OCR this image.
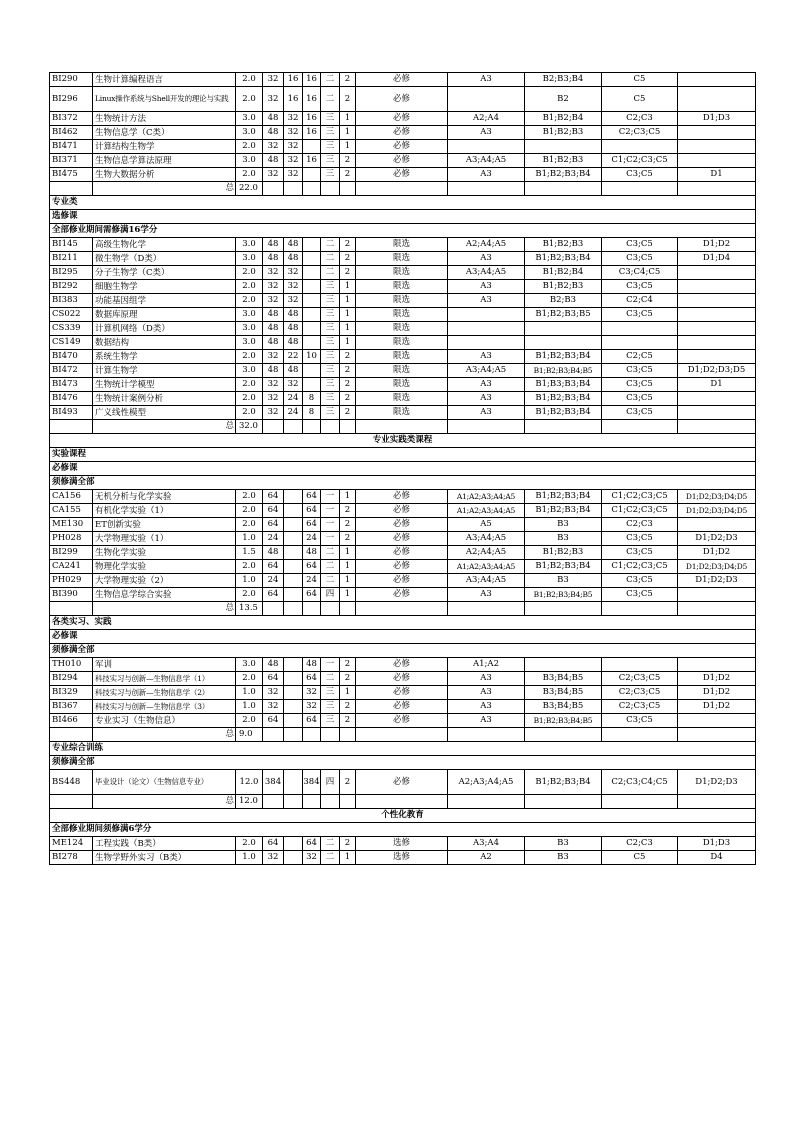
BI290	生物计算编程语言	2.0	32	16	16	二	2	必修	A3	B2;B3;B4	C5	
BI296	Linux操作系统与Shell开发的理论与实践	2.0	32	16	16	二	2	必修		B2	C5	
BI372	生物统计方法	3.0	48	32	16	三	1	必修	A2;A4	B1;B2;B4	C2;C3	D1;D3
BI462	生物信息学（C类）	3.0	48	32	16	三	1	必修	A3	B1;B2;B3	C2;C3;C5	
BI471	计算结构生物学	2.0	32	32		三	1	必修				
BI371	生物信息学算法原理	3.0	48	32	16	三	2	必修	A3;A4;A5	B1;B2;B3	C1;C2;C3;C5	
BI475	生物大数据分析	2.0	32	32		三	2	必修	A3	B1;B2;B3;B4	C3;C5	D1
	总	22.0										
专业类												
选修课												
全部修业期间需修满16学分												
BI145	高级生物化学	3.0	48	48		二	2	限选	A2;A4;A5	B1;B2;B3	C3;C5	D1;D2
BI211	微生物学（D类）	3.0	48	48		二	2	限选	A3	B1;B2;B3;B4	C3;C5	D1;D4
BI295	分子生物学（C类）	2.0	32	32		二	2	限选	A3;A4;A5	B1;B2;B4	C3;C4;C5	
BI292	细胞生物学	2.0	32	32		三	1	限选	A3	B1;B2;B3	C3;C5	
BI383	功能基因组学	2.0	32	32		三	1	限选	A3	B2;B3	C2;C4	
CS022	数据库原理	3.0	48	48		三	1	限选		B1;B2;B3;B5	C3;C5	
CS339	计算机网络（D类）	3.0	48	48		三	1	限选				
CS149	数据结构	3.0	48	48		三	1	限选				
BI470	系统生物学	2.0	32	22	10	三	2	限选	A3	B1;B2;B3;B4	C2;C5	
BI472	计算生物学	3.0	48	48		三	2	限选	A3;A4;A5	B1;B2;B3;B4;B5	C3;C5	D1;D2;D3;D5
BI473	生物统计学模型	2.0	32	32		三	2	限选	A3	B1;B3;B3;B4	C3;C5	D1
BI476	生物统计案例分析	2.0	32	24	8	三	2	限选	A3	B1;B2;B3;B4	C3;C5	
BI493	广义线性模型	2.0	32	24	8	三	2	限选	A3	B1;B2;B3;B4	C3;C5	
	总	32.0										
专业实践类课程												
实验课程												
必修课												
须修满全部												
CA156	无机分析与化学实验	2.0	64		64	一	1	必修	A1;A2;A3;A4;A5	B1;B2;B3;B4	C1;C2;C3;C5	D1;D2;D3;D4;D5
CA155	有机化学实验（1）	2.0	64		64	一	2	必修	A1;A2;A3;A4;A5	B1;B2;B3;B4	C1;C2;C3;C5	D1;D2;D3;D4;D5
ME130	ET创新实验	2.0	64		64	一	2	必修	A5	B3	C2;C3	
PH028	大学物理实验（1）	1.0	24		24	一	2	必修	A3;A4;A5	B3	C3;C5	D1;D2;D3
BI299	生物化学实验	1.5	48		48	二	1	必修	A2;A4;A5	B1;B2;B3	C3;C5	D1;D2
CA241	物理化学实验	2.0	64		64	二	1	必修	A1;A2;A3;A4;A5	B1;B2;B3;B4	C1;C2;C3;C5	D1;D2;D3;D4;D5
PH029	大学物理实验（2）	1.0	24		24	二	1	必修	A3;A4;A5	B3	C3;C5	D1;D2;D3
BI390	生物信息学综合实验	2.0	64		64	四	1	必修	A3	B1;B2;B3;B4;B5	C3;C5	
	总	13.5										
各类实习、实践												
必修课												
须修满全部												
TH010	军训	3.0	48		48	一	2	必修	A1;A2			
BI294	科技实习与创新—生物信息学（1）	2.0	64		64	二	2	必修	A3	B3;B4;B5	C2;C3;C5	D1;D2
BI329	科技实习与创新—生物信息学（2）	1.0	32		32	三	1	必修	A3	B3;B4;B5	C2;C3;C5	D1;D2
BI367	科技实习与创新—生物信息学（3）	1.0	32		32	三	2	必修	A3	B3;B4;B5	C2;C3;C5	D1;D2
BI466	专业实习（生物信息）	2.0	64		64	三	2	必修	A3	B1;B2;B3;B4;B5	C3;C5	
	总	9.0										
专业综合训练												
须修满全部												
BS448	毕业设计（论文）（生物信息专业）	12.0	384		384	四	2	必修	A2;A3;A4;A5	B1;B2;B3;B4	C2;C3;C4;C5	D1;D2;D3
	总	12.0										
个性化教育												
全部修业期间须修满6学分												
ME124	工程实践（B类）	2.0	64		64	二	2	选修	A3;A4	B3	C2;C3	D1;D3
BI278	生物学野外实习（B类）	1.0	32		32	二	1	选修	A2	B3	C5	D4
